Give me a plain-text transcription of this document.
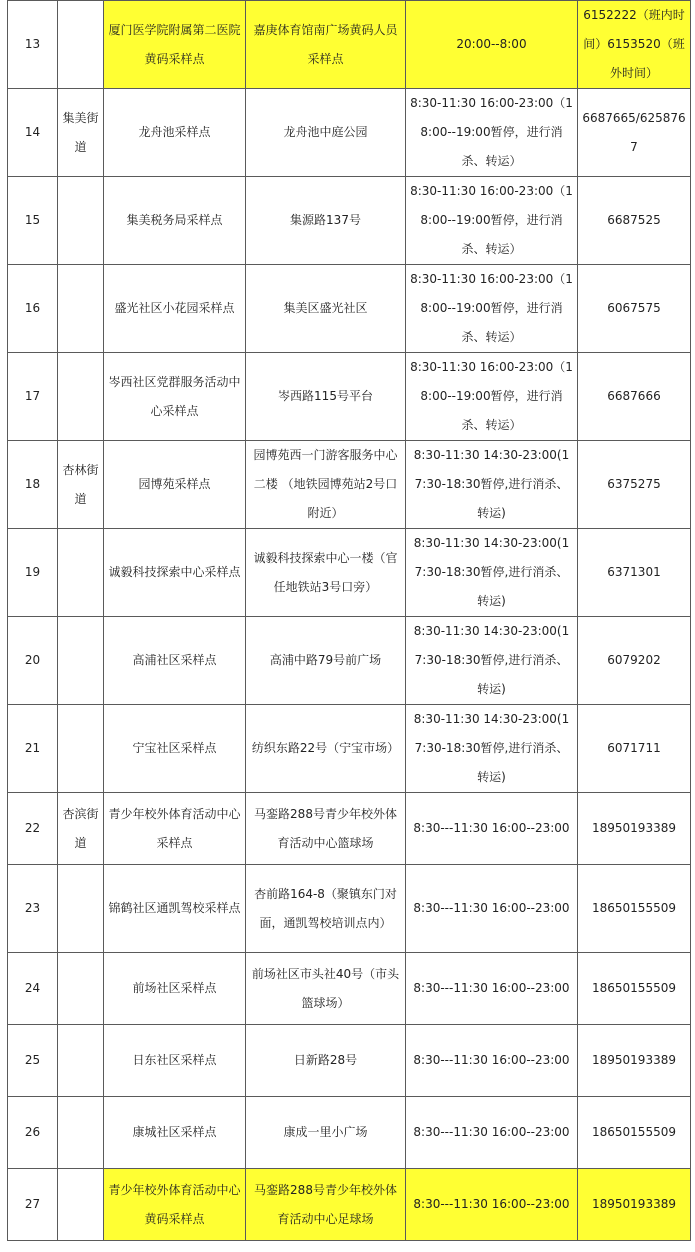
13		厦门医学院附属第二医院黄码采样点	嘉庚体育馆南广场黄码人员采样点	20:00--8:00	6152222（班内时间）6153520（班外时间）
14	集美街道	龙舟池采样点	龙舟池中庭公园	8:30-11:30 16:00-23:00（18:00--19:00暂停，进行消杀、转运）	6687665/6258767
15		集美税务局采样点	集源路137号	8:30-11:30 16:00-23:00（18:00--19:00暂停，进行消杀、转运）	6687525
16		盛光社区小花园采样点	集美区盛光社区	8:30-11:30 16:00-23:00（18:00--19:00暂停，进行消杀、转运）	6067575
17		岑西社区党群服务活动中心采样点	岑西路115号平台	8:30-11:30 16:00-23:00（18:00--19:00暂停，进行消杀、转运）	6687666
18	杏林街道	园博苑采样点	园博苑西一门游客服务中心二楼 （地铁园博苑站2号口附近）	8:30-11:30 14:30-23:00(17:30-18:30暂停,进行消杀、转运)	6375275
19		诚毅科技探索中心采样点	诚毅科技探索中心一楼（官任地铁站3号口旁）	8:30-11:30 14:30-23:00(17:30-18:30暂停,进行消杀、转运)	6371301
20		高浦社区采样点	高浦中路79号前广场	8:30-11:30 14:30-23:00(17:30-18:30暂停,进行消杀、转运)	6079202
21		宁宝社区采样点	纺织东路22号（宁宝市场）	8:30-11:30 14:30-23:00(17:30-18:30暂停,进行消杀、转运)	6071711
22	杏滨街道	青少年校外体育活动中心采样点	马銮路288号青少年校外体育活动中心篮球场	8:30---11:30 16:00--23:00	18950193389
23		锦鹤社区通凯驾校采样点	杏前路164-8（聚镇东门对面，通凯驾校培训点内）	8:30---11:30 16:00--23:00	18650155509
24		前场社区采样点	前场社区市头社40号（市头篮球场）	8:30---11:30 16:00--23:00	18650155509
25		日东社区采样点	日新路28号	8:30---11:30 16:00--23:00	18950193389
26		康城社区采样点	康成一里小广场	8:30---11:30 16:00--23:00	18650155509
27		青少年校外体育活动中心黄码采样点	马銮路288号青少年校外体育活动中心足球场	8:30---11:30 16:00--23:00	18950193389
